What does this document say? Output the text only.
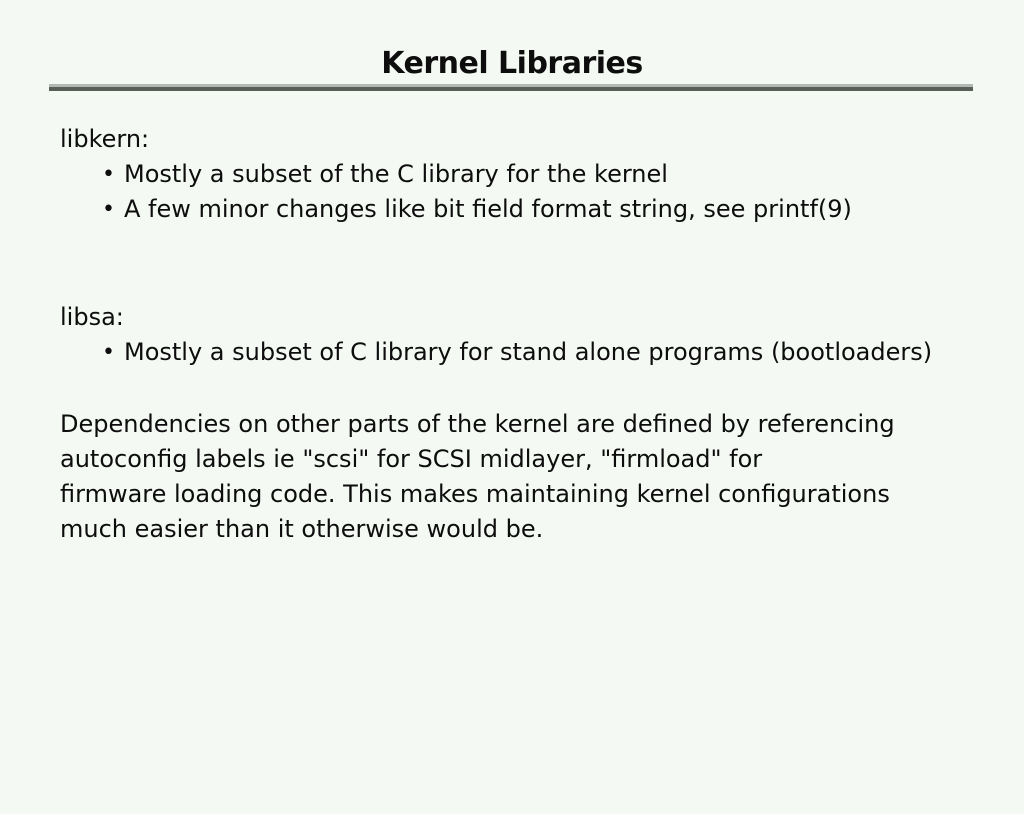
Kernel Libraries

libkern:

• Mostly a subset of the C library for the kernel
• A few minor changes like bit field format string, see printf(9)

libsa:

• Mostly a subset of C library for stand alone programs (bootloaders)
Dependencies on other parts of the kernel are defined by referencing
autoconfig labels ie "scsi" for SCSI midlayer, "firmload" for
firmware loading code. This makes maintaining kernel configurations
much easier than it otherwise would be.
